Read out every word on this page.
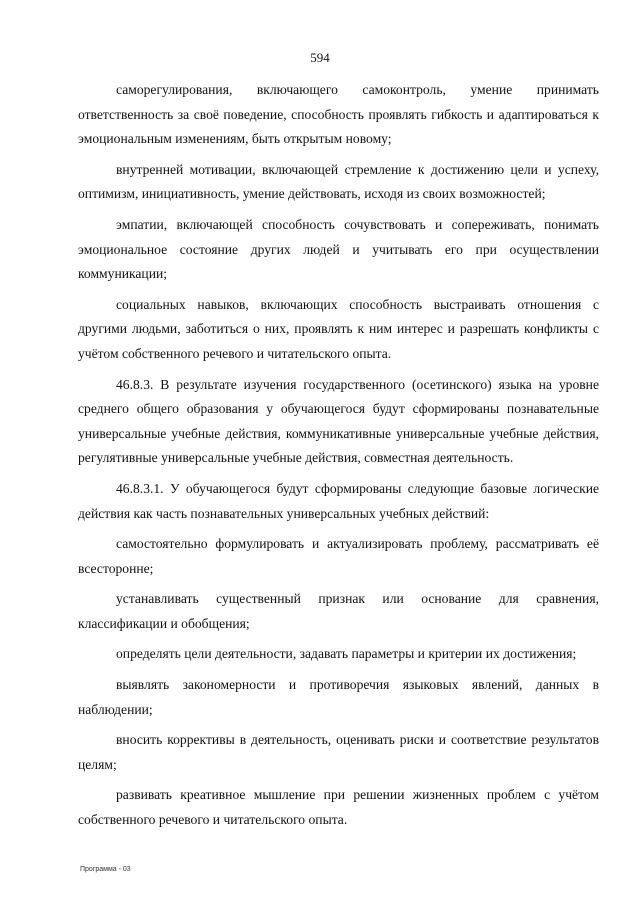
594

саморегулирования, включающего самоконтроль, умение принимать ответственность за своё поведение, способность проявлять гибкость и адаптироваться к эмоциональным изменениям, быть открытым новому;

внутренней мотивации, включающей стремление к достижению цели и успеху, оптимизм, инициативность, умение действовать, исходя из своих возможностей;

эмпатии, включающей способность сочувствовать и сопереживать, понимать эмоциональное состояние других людей и учитывать его при осуществлении коммуникации;

социальных навыков, включающих способность выстраивать отношения с другими людьми, заботиться о них, проявлять к ним интерес и разрешать конфликты с учётом собственного речевого и читательского опыта.

46.8.3. В результате изучения государственного (осетинского) языка на уровне среднего общего образования у обучающегося будут сформированы познавательные универсальные учебные действия, коммуникативные универсальные учебные действия, регулятивные универсальные учебные действия, совместная деятельность.

46.8.3.1. У обучающегося будут сформированы следующие базовые логические действия как часть познавательных универсальных учебных действий:

самостоятельно формулировать и актуализировать проблему, рассматривать её всесторонне;

устанавливать существенный признак или основание для сравнения, классификации и обобщения;

определять цели деятельности, задавать параметры и критерии их достижения;

выявлять закономерности и противоречия языковых явлений, данных в наблюдении;

вносить коррективы в деятельность, оценивать риски и соответствие результатов целям;

развивать креативное мышление при решении жизненных проблем с учётом собственного речевого и читательского опыта.

Программа - 03
